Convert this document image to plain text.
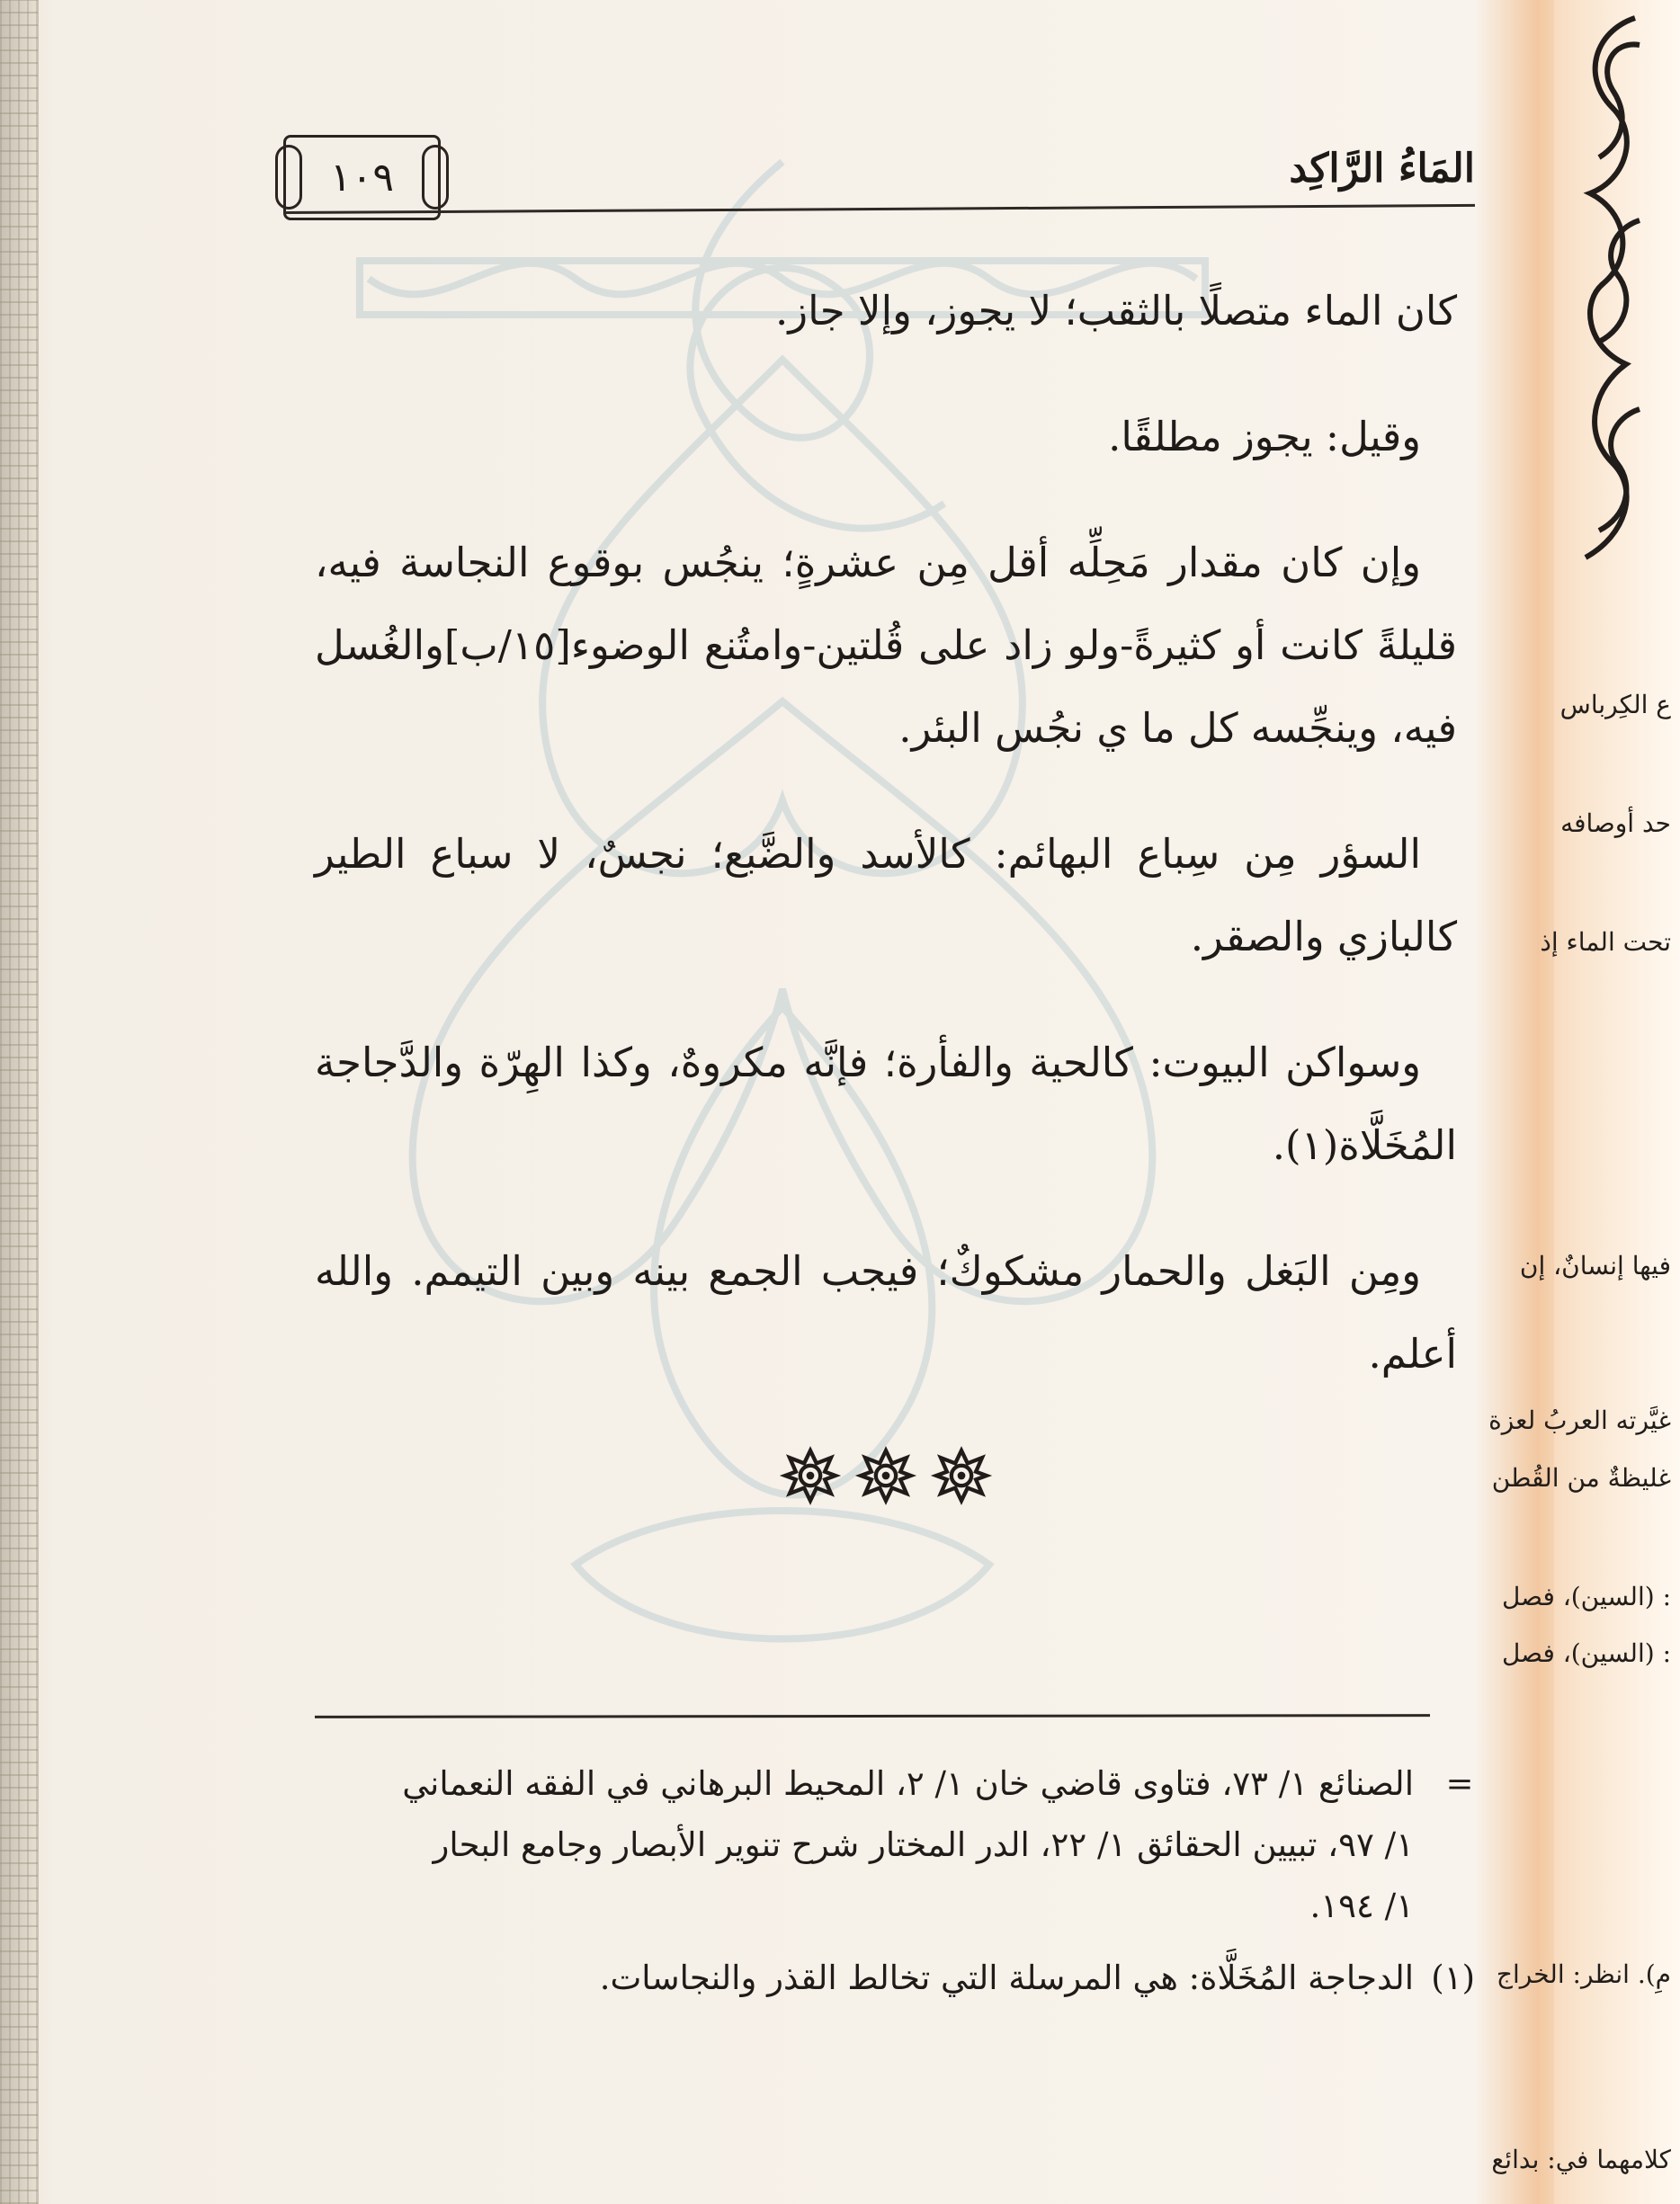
١٠٩	المَاءُ الرَّاكِد

كان الماء متصلًا بالثقب؛ لا يجوز، وإلا جاز.

وقيل: يجوز مطلقًا.

وإن كان مقدار مَحِلِّه أقل مِن عشرةٍ؛ ينجُس بوقوع النجاسة فيه، قليلةً كانت أو كثيرةً-ولو زاد على قُلتين-وامتُنع الوضوء[١٥/ب]والغُسل فيه، وينجِّسه كل ما ي نجُس البئر.

السؤر مِن سِباع البهائم: كالأسد والضَّبع؛ نجسٌ، لا سباع الطير كالبازي والصقر.

وسواكن البيوت: كالحية والفأرة؛ فإنَّه مكروهٌ، وكذا الهِرّة والدَّجاجة المُخَلَّاة(١).

ومِن البَغل والحمار مشكوكٌ؛ فيجب الجمع بينه وبين التيمم. والله أعلم.

=
الصنائع ١/ ٧٣، فتاوى قاضي خان ١/ ٢، المحيط البرهاني في الفقه النعماني
١/ ٩٧، تبيين الحقائق ١/ ٢٢، الدر المختار شرح تنوير الأبصار وجامع البحار
١/ ١٩٤.
(١)
الدجاجة المُخَلَّاة: هي المرسلة التي تخالط القذر والنجاسات.
ع الكِرباس
حد أوصافه
تحت الماء إذ
فيها إنسانٌ، إن
غيَّرته العربُ لعزة
غليظةٌ من القُطن
: (السين)، فصل
: (السين)، فصل
مِ). انظر: الخراج
كلامهما في: بدائع
